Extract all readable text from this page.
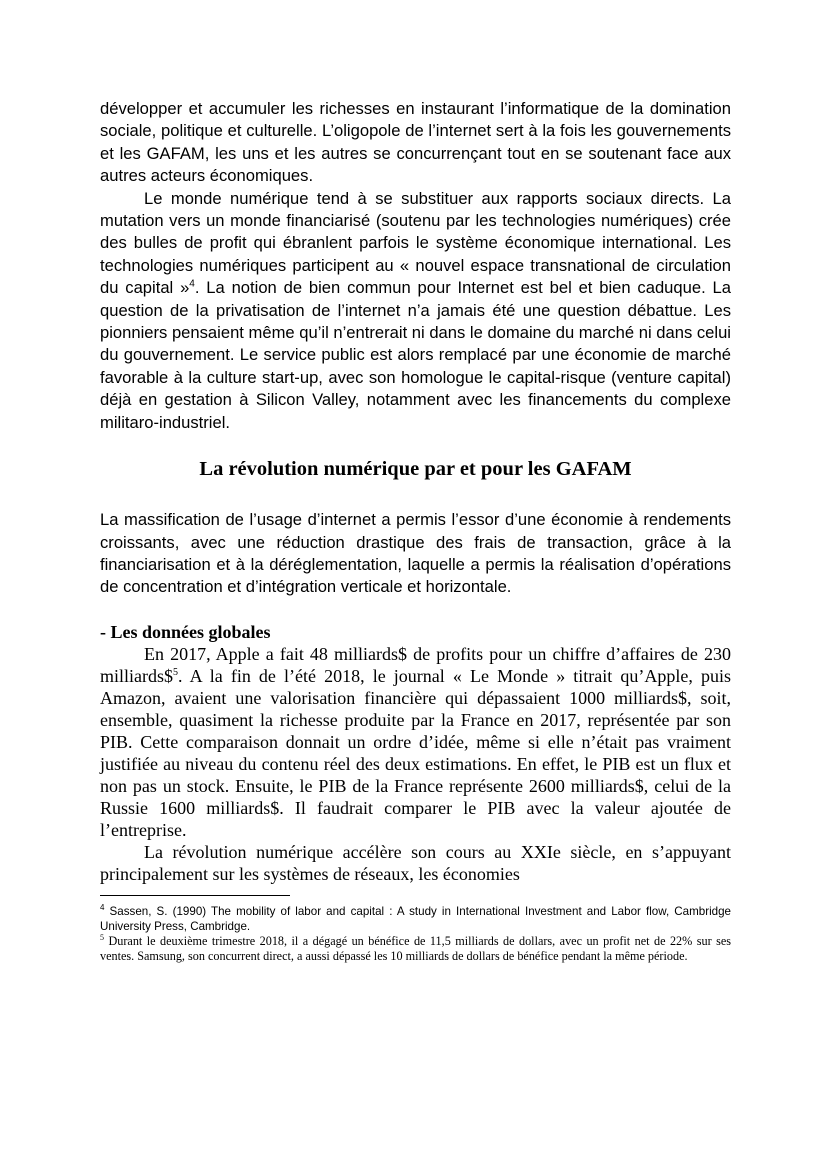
développer et accumuler les richesses en instaurant l’informatique de la domination sociale, politique et culturelle. L’oligopole de l’internet sert à la fois les gouvernements et les GAFAM, les uns et les autres se concurrençant tout en se soutenant face aux autres acteurs économiques.

Le monde numérique tend à se substituer aux rapports sociaux directs. La mutation vers un monde financiarisé (soutenu par les technologies numériques) crée des bulles de profit qui ébranlent parfois le système économique international. Les technologies numériques participent au « nouvel espace transnational de circulation du capital »$^4$. La notion de bien commun pour Internet est bel et bien caduque. La question de la privatisation de l’internet n’a jamais été une question débattue. Les pionniers pensaient même qu’il n’entrerait ni dans le domaine du marché ni dans celui du gouvernement. Le service public est alors remplacé par une économie de marché favorable à la culture start-up, avec son homologue le capital-risque (venture capital) déjà en gestation à Silicon Valley, notamment avec les financements du complexe militaro-industriel.

La révolution numérique par et pour les GAFAM

La massification de l’usage d’internet a permis l’essor d’une économie à rendements croissants, avec une réduction drastique des frais de transaction, grâce à la financiarisation et à la déréglementation, laquelle a permis la réalisation d’opérations de concentration et d’intégration verticale et horizontale.

- Les données globales

En 2017, Apple a fait 48 milliards$ de profits pour un chiffre d’affaires de 230 milliards\$$^5$. A la fin de l’été 2018, le journal « Le Monde » titrait qu’Apple, puis Amazon, avaient une valorisation financière qui dépassaient 1000 milliards$, soit, ensemble, quasiment la richesse produite par la France en 2017, représentée par son PIB. Cette comparaison donnait un ordre d’idée, même si elle n’était pas vraiment justifiée au niveau du contenu réel des deux estimations. En effet, le PIB est un flux et non pas un stock. Ensuite, le PIB de la France représente 2600 milliards$, celui de la Russie 1600 milliards$. Il faudrait comparer le PIB avec la valeur ajoutée de l’entreprise.

La révolution numérique accélère son cours au XXIe siècle, en s’appuyant principalement sur les systèmes de réseaux, les économies

$^4$ Sassen, S. (1990) The mobility of labor and capital : A study in International Investment and Labor flow, Cambridge University Press, Cambridge.

$^5$ Durant le deuxième trimestre 2018, il a dégagé un bénéfice de 11,5 milliards de dollars, avec un profit net de 22% sur ses ventes. Samsung, son concurrent direct, a aussi dépassé les 10 milliards de dollars de bénéfice pendant la même période.
